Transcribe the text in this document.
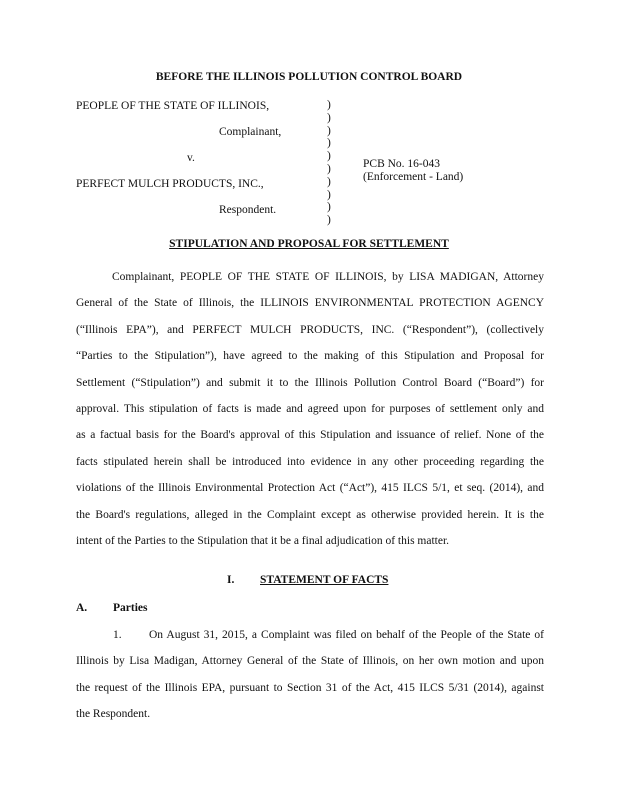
BEFORE THE ILLINOIS POLLUTION CONTROL BOARD
PEOPLE OF THE STATE OF ILLINOIS,
Complainant,
v.
PERFECT MULCH PRODUCTS, INC.,
Respondent.
)
)
)
)
)
)
)
)
)
)
PCB No. 16-043
(Enforcement - Land)
STIPULATION AND PROPOSAL FOR SETTLEMENT
Complainant, PEOPLE OF THE STATE OF ILLINOIS, by LISA MADIGAN, Attorney
General of the State of Illinois, the ILLINOIS ENVIRONMENTAL PROTECTION AGENCY
(“Illinois EPA”), and PERFECT MULCH PRODUCTS, INC. (“Respondent”), (collectively
“Parties to the Stipulation”), have agreed to the making of this Stipulation and Proposal for
Settlement (“Stipulation”) and submit it to the Illinois Pollution Control Board (“Board”) for
approval. This stipulation of facts is made and agreed upon for purposes of settlement only and
as a factual basis for the Board's approval of this Stipulation and issuance of relief. None of the
facts stipulated herein shall be introduced into evidence in any other proceeding regarding the
violations of the Illinois Environmental Protection Act (“Act”), 415 ILCS 5/1, et seq. (2014), and
the Board's regulations, alleged in the Complaint except as otherwise provided herein. It is the
intent of the Parties to the Stipulation that it be a final adjudication of this matter.
I. STATEMENT OF FACTS
A. Parties
1.	On August 31, 2015, a Complaint was filed on behalf of the People of the State of
Illinois by Lisa Madigan, Attorney General of the State of Illinois, on her own motion and upon
the request of the Illinois EPA, pursuant to Section 31 of the Act, 415 ILCS 5/31 (2014), against
the Respondent.
